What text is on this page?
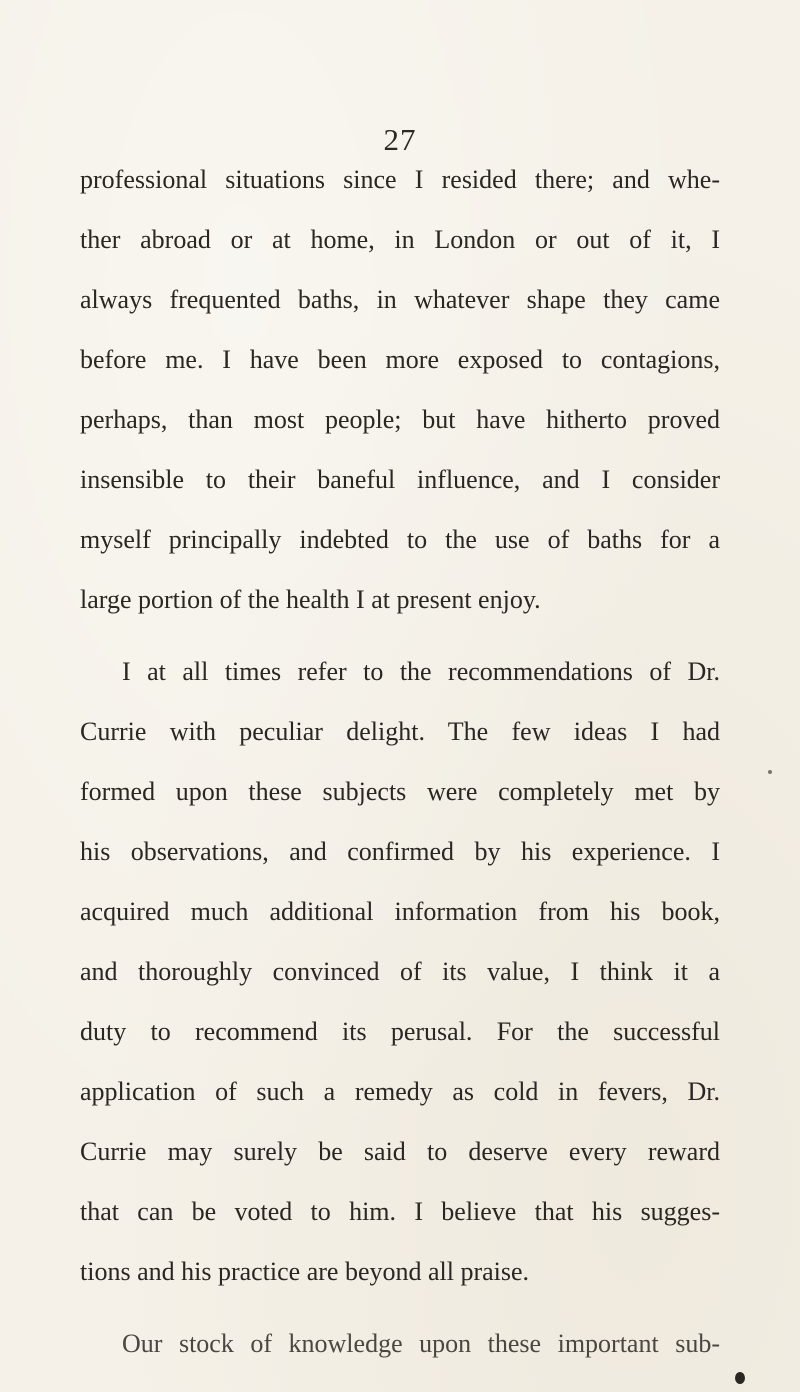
27
professional situations since I resided there; and whe-
ther abroad or at home, in London or out of it, I
always frequented baths, in whatever shape they came
before me. I have been more exposed to contagions,
perhaps, than most people; but have hitherto proved
insensible to their baneful influence, and I consider
myself principally indebted to the use of baths for a
large portion of the health I at present enjoy.
I at all times refer to the recommendations of Dr.
Currie with peculiar delight. The few ideas I had
formed upon these subjects were completely met by
his observations, and confirmed by his experience. I
acquired much additional information from his book,
and thoroughly convinced of its value, I think it a
duty to recommend its perusal. For the successful
application of such a remedy as cold in fevers, Dr.
Currie may surely be said to deserve every reward
that can be voted to him. I believe that his sugges-
tions and his practice are beyond all praise.
Our stock of knowledge upon these important sub-
